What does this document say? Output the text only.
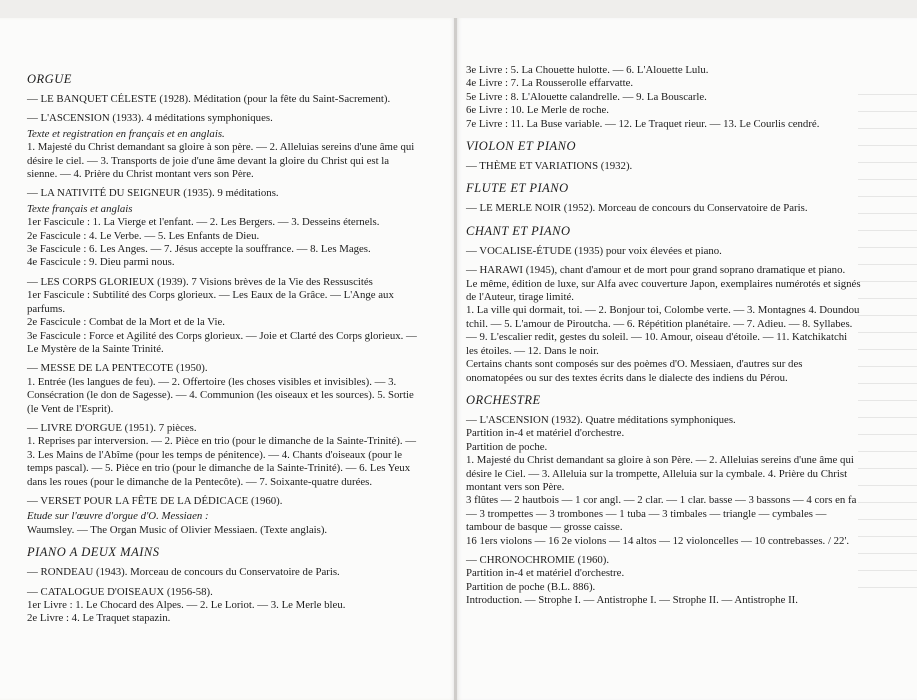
ORGUE
— LE BANQUET CÉLESTE (1928). Méditation (pour la fête du Saint-Sacrement).
— L'ASCENSION (1933). 4 méditations symphoniques.
Texte et registration en français et en anglais.
1. Majesté du Christ demandant sa gloire à son père. — 2. Alleluias sereins d'une âme qui désire le ciel. — 3. Transports de joie d'une âme devant la gloire du Christ qui est la sienne. — 4. Prière du Christ montant vers son Père.
— LA NATIVITÉ DU SEIGNEUR (1935). 9 méditations.
Texte français et anglais
1er Fascicule : 1. La Vierge et l'enfant. — 2. Les Bergers. — 3. Desseins éternels.
2e Fascicule : 4. Le Verbe. — 5. Les Enfants de Dieu.
3e Fascicule : 6. Les Anges. — 7. Jésus accepte la souffrance. — 8. Les Mages.
4e Fascicule : 9. Dieu parmi nous.
— LES CORPS GLORIEUX (1939). 7 Visions brèves de la Vie des Ressuscités
1er Fascicule : Subtilité des Corps glorieux. — Les Eaux de la Grâce. — L'Ange aux parfums.
2e Fascicule : Combat de la Mort et de la Vie.
3e Fascicule : Force et Agilité des Corps glorieux. — Joie et Clarté des Corps glorieux. — Le Mystère de la Sainte Trinité.
— MESSE DE LA PENTECOTE (1950).
1. Entrée (les langues de feu). — 2. Offertoire (les choses visibles et invisibles). — 3. Consécration (le don de Sagesse). — 4. Communion (les oiseaux et les sources). 5. Sortie (le Vent de l'Esprit).
— LIVRE D'ORGUE (1951). 7 pièces.
1. Reprises par interversion. — 2. Pièce en trio (pour le dimanche de la Sainte-Trinité). — 3. Les Mains de l'Abîme (pour les temps de pénitence). — 4. Chants d'oiseaux (pour le temps pascal). — 5. Pièce en trio (pour le dimanche de la Sainte-Trinité). — 6. Les Yeux dans les roues (pour le dimanche de la Pentecôte). — 7. Soixante-quatre durées.
— VERSET POUR LA FÊTE DE LA DÉDICACE (1960).
Etude sur l'œuvre d'orgue d'O. Messiaen :
Waumsley. — The Organ Music of Olivier Messiaen. (Texte anglais).
PIANO A DEUX MAINS
— RONDEAU (1943). Morceau de concours du Conservatoire de Paris.
— CATALOGUE D'OISEAUX (1956-58).
1er Livre : 1. Le Chocard des Alpes. — 2. Le Loriot. — 3. Le Merle bleu.
2e Livre : 4. Le Traquet stapazin.
3e Livre : 5. La Chouette hulotte. — 6. L'Alouette Lulu.
4e Livre : 7. La Rousserolle effarvatte.
5e Livre : 8. L'Alouette calandrelle. — 9. La Bouscarle.
6e Livre : 10. Le Merle de roche.
7e Livre : 11. La Buse variable. — 12. Le Traquet rieur. — 13. Le Courlis cendré.
VIOLON ET PIANO
— THÈME ET VARIATIONS (1932).
FLUTE ET PIANO
— LE MERLE NOIR (1952). Morceau de concours du Conservatoire de Paris.
CHANT ET PIANO
— VOCALISE-ÉTUDE (1935) pour voix élevées et piano.
— HARAWI (1945), chant d'amour et de mort pour grand soprano dramatique et piano.
Le même, édition de luxe, sur Alfa avec couverture Japon, exemplaires numérotés et signés de l'Auteur, tirage limité.
1. La ville qui dormait, toi. — 2. Bonjour toi, Colombe verte. — 3. Montagnes 4. Doundou tchil. — 5. L'amour de Piroutcha. — 6. Répétition planétaire. — 7. Adieu. — 8. Syllabes. — 9. L'escalier redit, gestes du soleil. — 10. Amour, oiseau d'étoile. — 11. Katchikatchi les étoiles. — 12. Dans le noir.
Certains chants sont composés sur des poèmes d'O. Messiaen, d'autres sur des onomatopées ou sur des textes écrits dans le dialecte des indiens du Pérou.
ORCHESTRE
— L'ASCENSION (1932). Quatre méditations symphoniques.
Partition in-4 et matériel d'orchestre.
Partition de poche.
1. Majesté du Christ demandant sa gloire à son Père. — 2. Alleluias sereins d'une âme qui désire le Ciel. — 3. Alleluia sur la trompette, Alleluia sur la cymbale. 4. Prière du Christ montant vers son Père.
3 flûtes — 2 hautbois — 1 cor angl. — 2 clar. — 1 clar. basse — 3 bassons — 4 cors en fa — 3 trompettes — 3 trombones — 1 tuba — 3 timbales — triangle — cymbales — tambour de basque — grosse caisse.
16 1ers violons — 16 2e violons — 14 altos — 12 violoncelles — 10 contrebasses. / 22'.
— CHRONOCHROMIE (1960).
Partition in-4 et matériel d'orchestre.
Partition de poche (B.L. 886).
Introduction. — Strophe I. — Antistrophe I. — Strophe II. — Antistrophe II.
